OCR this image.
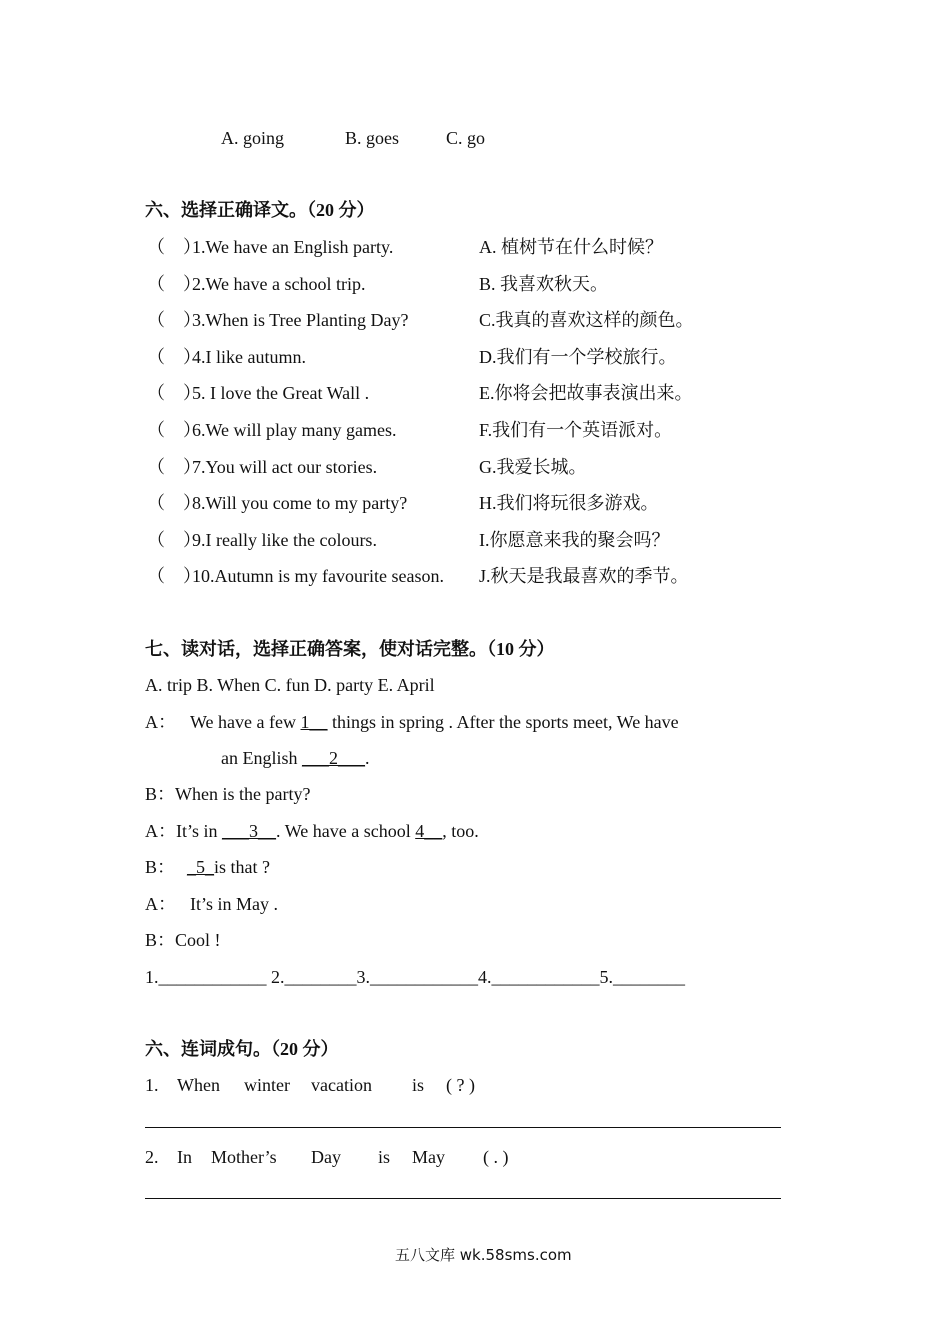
A. going	B. goes	C. go
六、选择正确译文。（20 分）
（　）
1.We have an English party.	A. 植树节在什么时候？
（　）
2.We have a school trip.	B. 我喜欢秋天。
（　）
3.When is Tree Planting Day?	C.我真的喜欢这样的颜色。
（　）
4.I like autumn.	D.我们有一个学校旅行。
（　）
5. I love the Great Wall .	E.你将会把故事表演出来。
（　）
6.We will play many games.	F.我们有一个英语派对。
（　）
7.You will act our stories.	G.我爱长城。
（　）
8.Will you come to my party?	H.我们将玩很多游戏。
（　）
9.I really like the colours.	I.你愿意来我的聚会吗？
（　）
10.Autumn is my favourite season. J.秋天是我最喜欢的季节。
七、读对话，选择正确答案，使对话完整。（10 分）
A. trip B. When C. fun D. party E. April
A： We have a few 1__ things in spring . After the sports meet, We have
an English ___2___.
B：When is the party?
A：It’s in ___3__. We have a school 4__, too.
B： _5_is that ?
A： It’s in May .
B：Cool !
1.____________ 2.________3.____________4.____________5.________
六、连词成句。（20 分）
1. When winter vacation is ( ? )
2. In Mother’s Day is May ( . )
五八文库 wk.58sms.com
